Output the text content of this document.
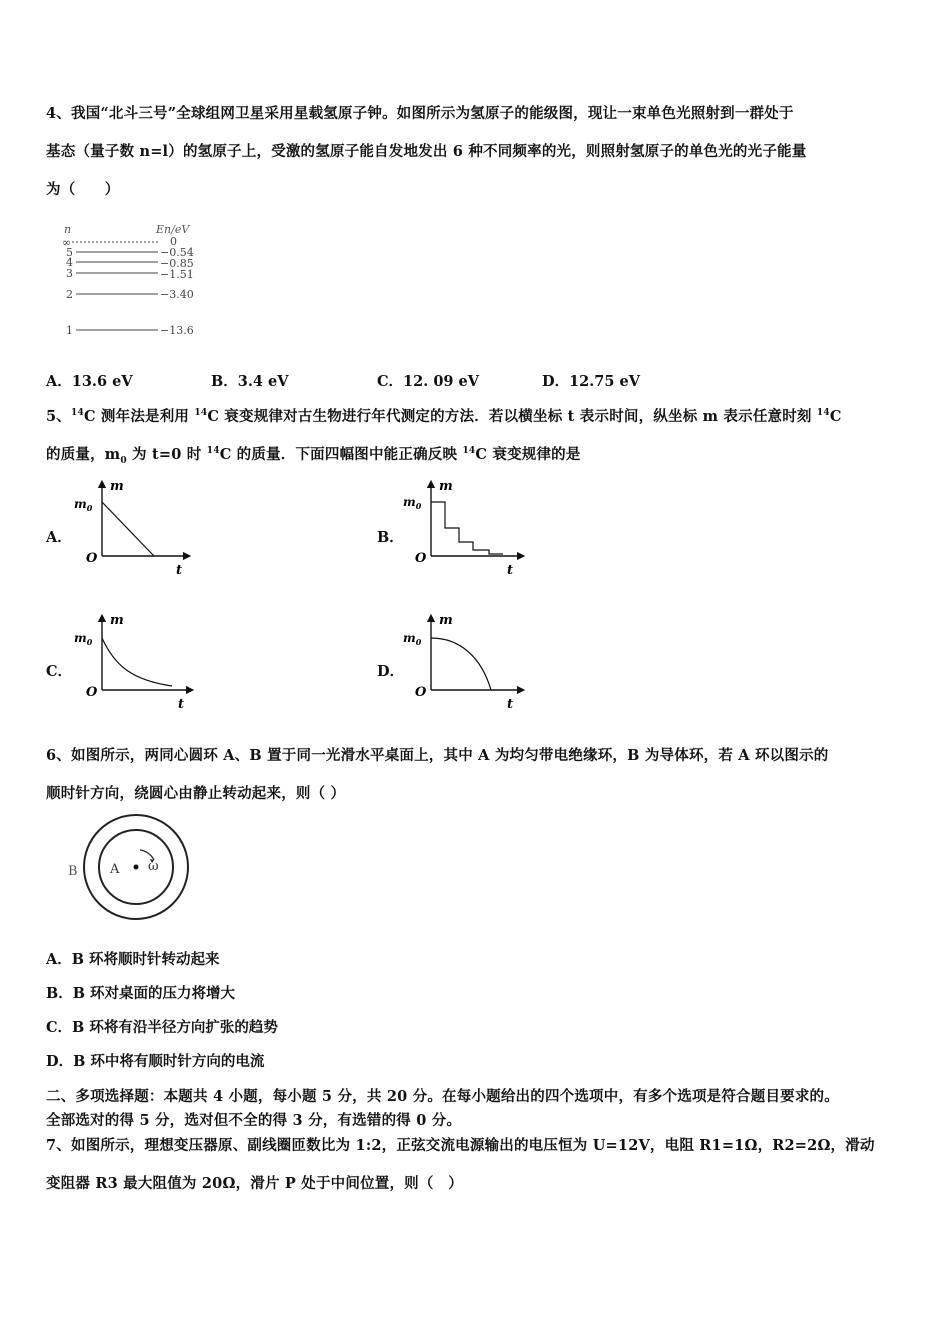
4、我国“北斗三号”全球组网卫星采用星载氢原子钟。如图所示为氢原子的能级图，现让一束单色光照射到一群处于
基态（量子数 n=l）的氢原子上，受激的氢原子能自发地发出 6 种不同频率的光，则照射氢原子的单色光的光子能量
为（　　）
n	En/eV
∞	0
5	−0.54
4	−0.85
3	−1.51
2	−3.40
1	−13.6
A．13.6 eV	B．3.4 eV	C．12. 09 eV	D．12.75 eV
5、$^{14}$C 测年法是利用 $^{14}$C 衰变规律对古生物进行年代测定的方法．若以横坐标 t 表示时间，纵坐标 m 表示任意时刻 $^{14}$C
的质量，$m_0$ 为 t=0 时 $^{14}$C 的质量．下面四幅图中能正确反映 $^{14}$C 衰变规律的是
A．	B．
C．	D．
m
$m_0$
O
t
m
$m_0$
O
t
m
$m_0$
O
t
m
$m_0$
O
t
6、如图所示，两同心圆环 A、B 置于同一光滑水平桌面上，其中 A 为均匀带电绝缘环，B 为导体环，若 A 环以图示的
顺时针方向，绕圆心由静止转动起来，则（ ）
B A ω
A．B 环将顺时针转动起来
B．B 环对桌面的压力将增大
C．B 环将有沿半径方向扩张的趋势
D．B 环中将有顺时针方向的电流
二、多项选择题：本题共 4 小题，每小题 5 分，共 20 分。在每小题给出的四个选项中，有多个选项是符合题目要求的。
全部选对的得 5 分，选对但不全的得 3 分，有选错的得 0 分。
7、如图所示，理想变压器原、副线圈匝数比为 1:2，正弦交流电源输出的电压恒为 U=12V，电阻 R1=1Ω，R2=2Ω，滑动
变阻器 R3 最大阻值为 20Ω，滑片 P 处于中间位置，则（　）
